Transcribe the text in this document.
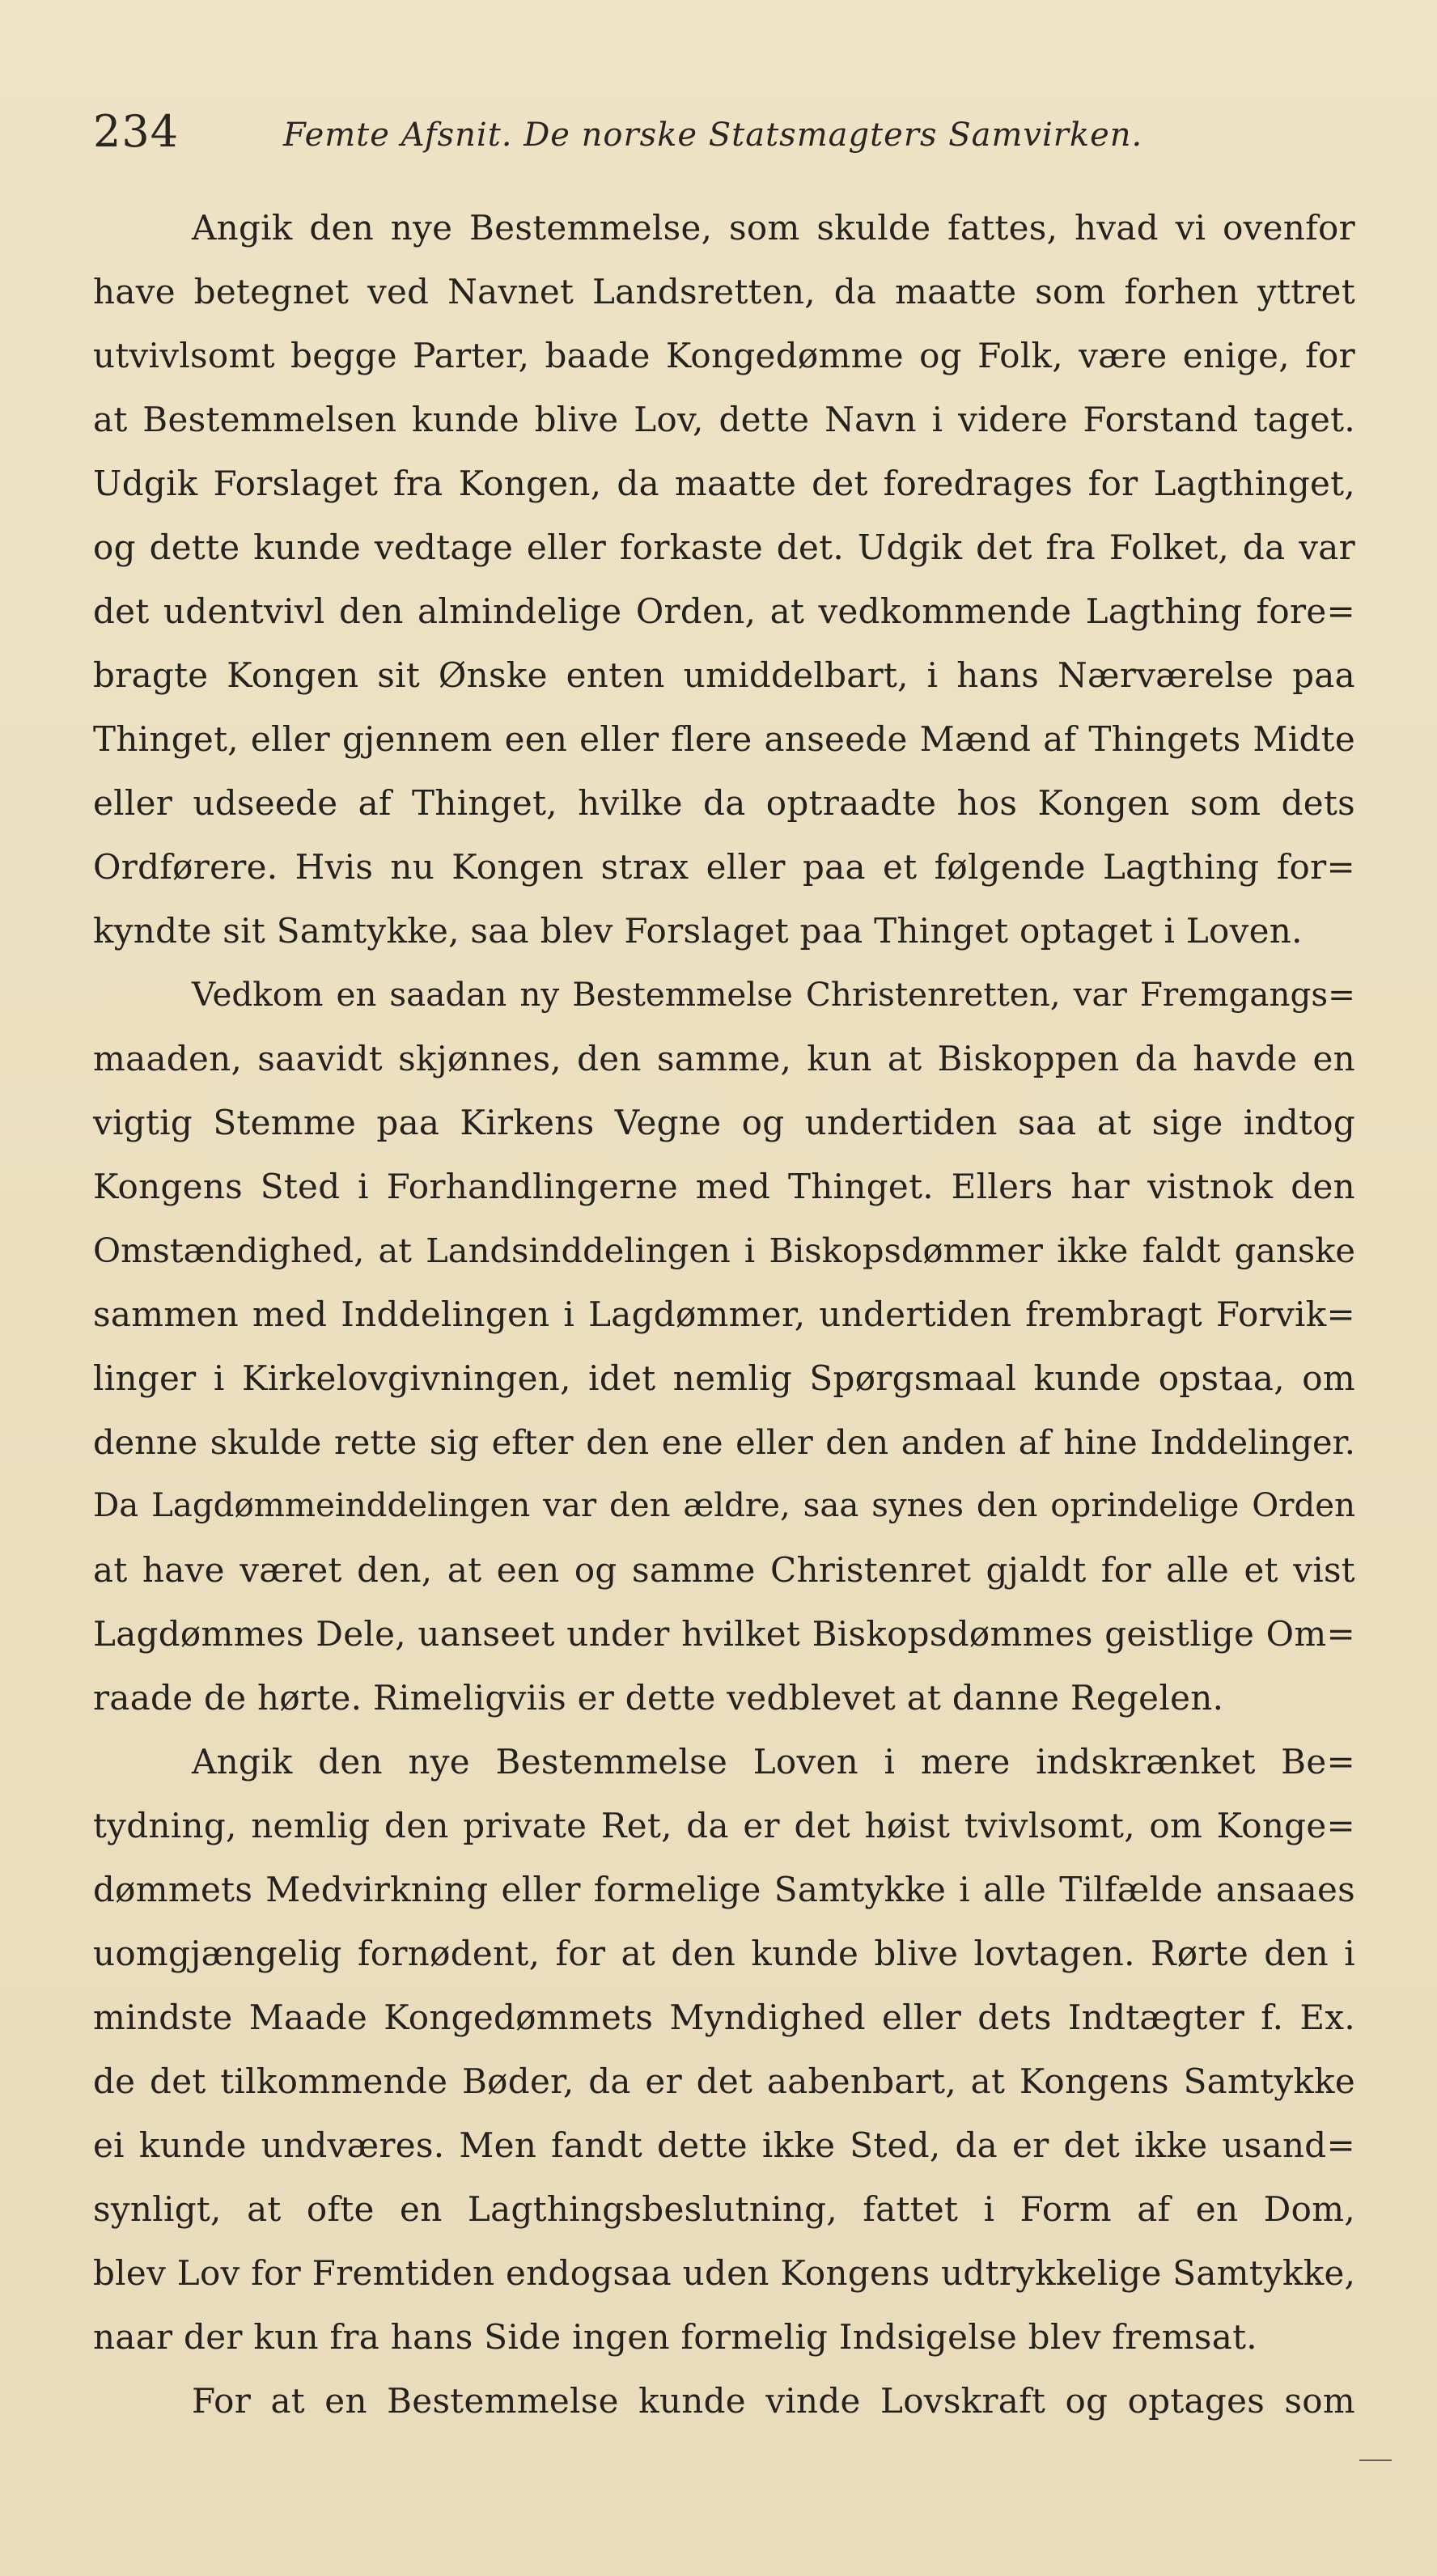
234	Femte Afsnit. De norske Statsmagters Samvirken.
Angik den nye Bestemmelse, som skulde fattes, hvad vi ovenfor
have betegnet ved Navnet Landsretten, da maatte som forhen yttret
utvivlsomt begge Parter, baade Kongedømme og Folk, være enige, for
at Bestemmelsen kunde blive Lov, dette Navn i videre Forstand taget.
Udgik Forslaget fra Kongen, da maatte det foredrages for Lagthinget,
og dette kunde vedtage eller forkaste det. Udgik det fra Folket, da var
det udentvivl den almindelige Orden, at vedkommende Lagthing fore=
bragte Kongen sit Ønske enten umiddelbart, i hans Nærværelse paa
Thinget, eller gjennem een eller flere anseede Mænd af Thingets Midte
eller udseede af Thinget, hvilke da optraadte hos Kongen som dets
Ordførere. Hvis nu Kongen strax eller paa et følgende Lagthing for=
kyndte sit Samtykke, saa blev Forslaget paa Thinget optaget i Loven.
Vedkom en saadan ny Bestemmelse Christenretten, var Fremgangs=
maaden, saavidt skjønnes, den samme, kun at Biskoppen da havde en
vigtig Stemme paa Kirkens Vegne og undertiden saa at sige indtog
Kongens Sted i Forhandlingerne med Thinget. Ellers har vistnok den
Omstændighed, at Landsinddelingen i Biskopsdømmer ikke faldt ganske
sammen med Inddelingen i Lagdømmer, undertiden frembragt Forvik=
linger i Kirkelovgivningen, idet nemlig Spørgsmaal kunde opstaa, om
denne skulde rette sig efter den ene eller den anden af hine Inddelinger.
Da Lagdømmeinddelingen var den ældre, saa synes den oprindelige Orden
at have været den, at een og samme Christenret gjaldt for alle et vist
Lagdømmes Dele, uanseet under hvilket Biskopsdømmes geistlige Om=
raade de hørte. Rimeligviis er dette vedblevet at danne Regelen.
Angik den nye Bestemmelse Loven i mere indskrænket Be=
tydning, nemlig den private Ret, da er det høist tvivlsomt, om Konge=
dømmets Medvirkning eller formelige Samtykke i alle Tilfælde ansaaes
uomgjængelig fornødent, for at den kunde blive lovtagen. Rørte den i
mindste Maade Kongedømmets Myndighed eller dets Indtægter f. Ex.
de det tilkommende Bøder, da er det aabenbart, at Kongens Samtykke
ei kunde undværes. Men fandt dette ikke Sted, da er det ikke usand=
synligt, at ofte en Lagthingsbeslutning, fattet i Form af en Dom,
blev Lov for Fremtiden endogsaa uden Kongens udtrykkelige Samtykke,
naar der kun fra hans Side ingen formelig Indsigelse blev fremsat.
For at en Bestemmelse kunde vinde Lovskraft og optages som
